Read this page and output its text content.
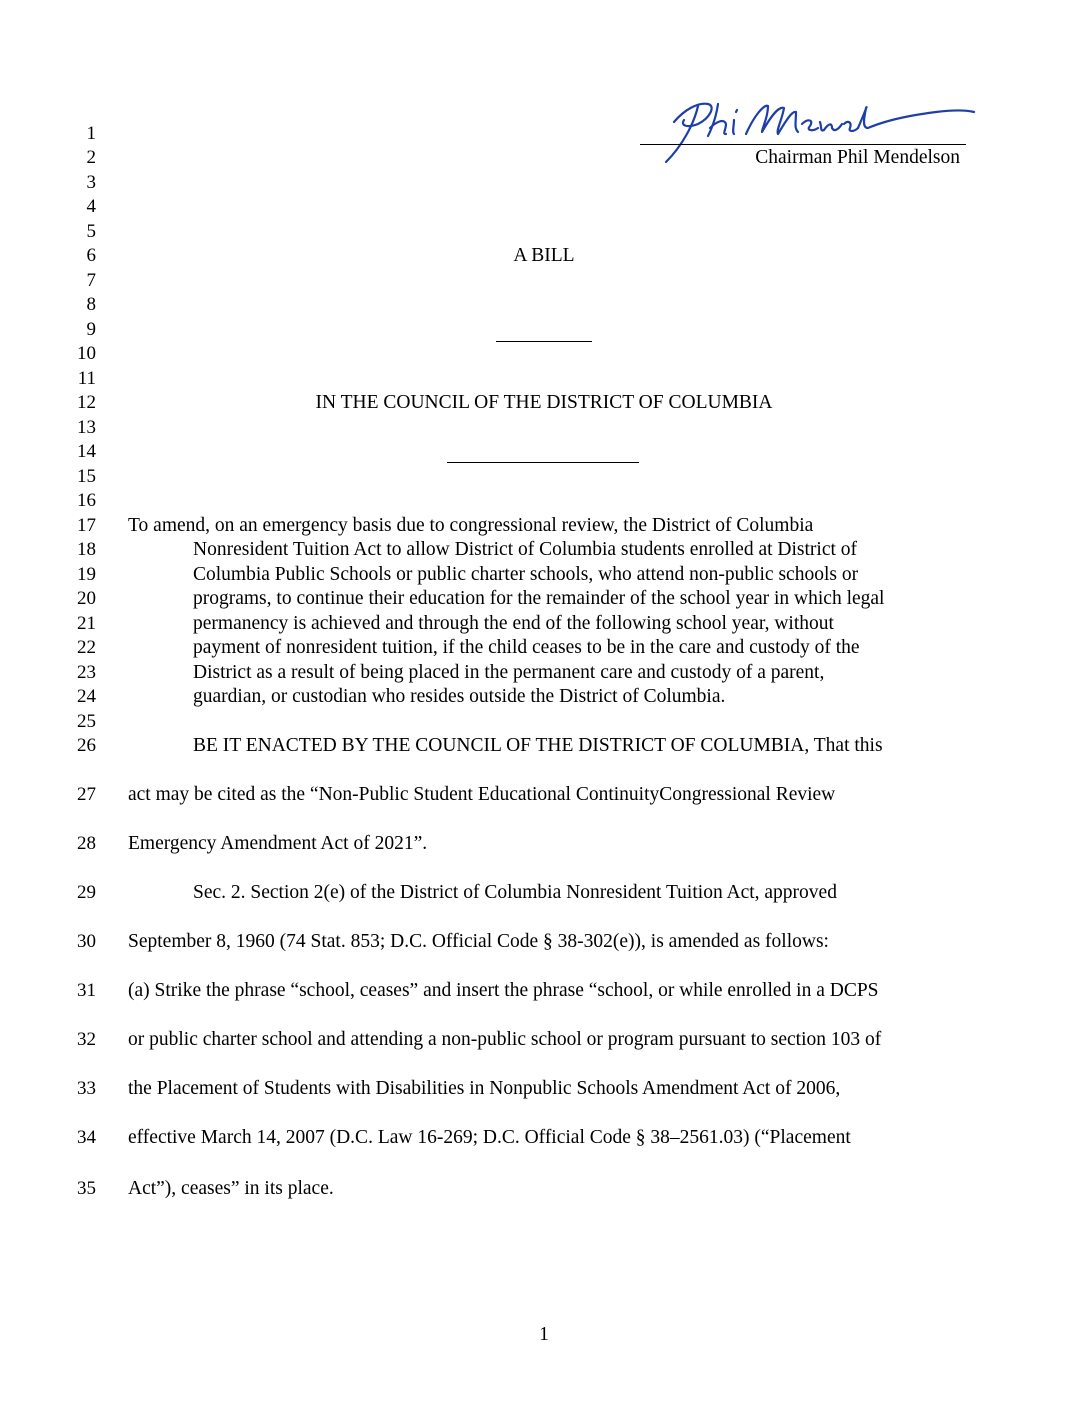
Chairman Phil Mendelson
1
2
3
4
5
6
7
8
9
10
11
12
13
14
15
16
17
18
19
20
21
22
23
24
25
26
27
28
29
30
31
32
33
34
35
A BILL
IN THE COUNCIL OF THE DISTRICT OF COLUMBIA
To amend, on an emergency basis due to congressional review, the District of Columbia
Nonresident Tuition Act to allow District of Columbia students enrolled at District of
Columbia Public Schools or public charter schools, who attend non-public schools or
programs, to continue their education for the remainder of the school year in which legal
permanency is achieved and through the end of the following school year, without
payment of nonresident tuition, if the child ceases to be in the care and custody of the
District as a result of being placed in the permanent care and custody of a parent,
guardian, or custodian who resides outside the District of Columbia.
BE IT ENACTED BY THE COUNCIL OF THE DISTRICT OF COLUMBIA, That this
act may be cited as the “Non-Public Student Educational ContinuityCongressional Review
Emergency Amendment Act of 2021”.
Sec. 2. Section 2(e) of the District of Columbia Nonresident Tuition Act, approved
September 8, 1960 (74 Stat. 853; D.C. Official Code § 38-302(e)), is amended as follows:
(a) Strike the phrase “school, ceases” and insert the phrase “school, or while enrolled in a DCPS
or public charter school and attending a non-public school or program pursuant to section 103 of
the Placement of Students with Disabilities in Nonpublic Schools Amendment Act of 2006,
effective March 14, 2007 (D.C. Law 16-269; D.C. Official Code § 38–2561.03) (“Placement
Act”), ceases” in its place.
1
